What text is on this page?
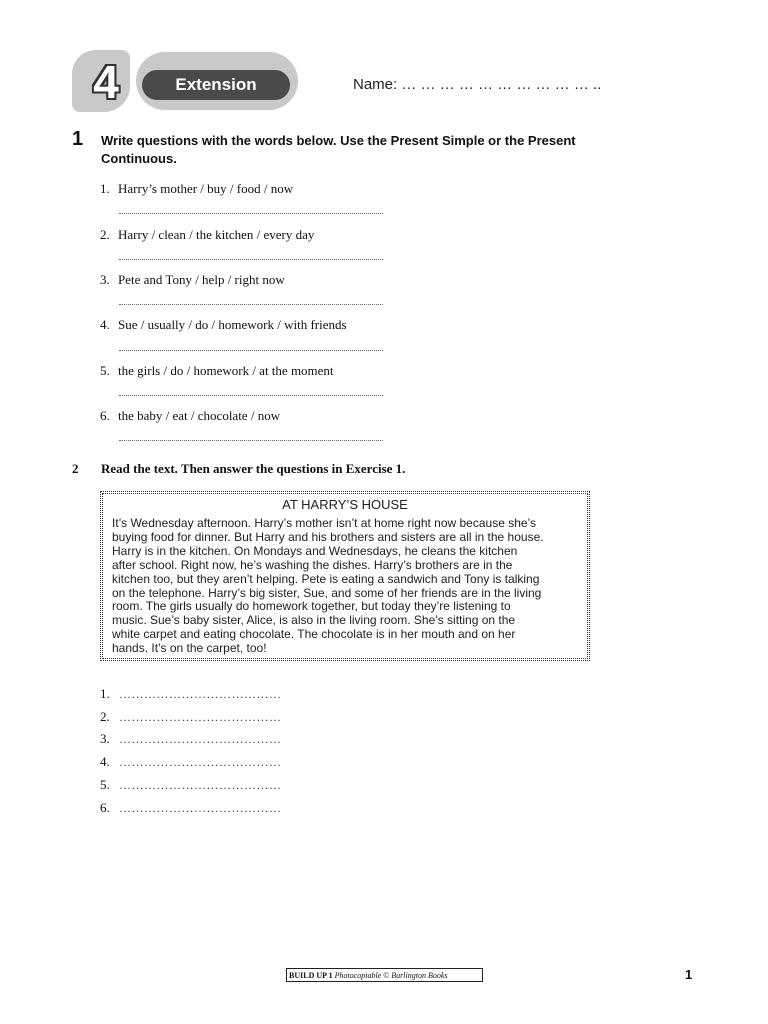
4	Extension	Name: … … … … … … … … … … ..
1 Write questions with the words below. Use the Present Simple or the Present Continuous.
1. Harry’s mother / buy / food / now
2. Harry / clean / the kitchen / every day
3. Pete and Tony / help / right now
4. Sue / usually / do / homework / with friends
5. the girls / do / homework / at the moment
6. the baby / eat / chocolate / now
2 Read the text. Then answer the questions in Exercise 1.
AT HARRY’S HOUSE

It’s Wednesday afternoon. Harry’s mother isn’t at home right now because she’s

buying food for dinner. But Harry and his brothers and sisters are all in the house.

Harry is in the kitchen. On Mondays and Wednesdays, he cleans the kitchen

after school. Right now, he’s washing the dishes. Harry’s brothers are in the

kitchen too, but they aren’t helping. Pete is eating a sandwich and Tony is talking

on the telephone. Harry’s big sister, Sue, and some of her friends are in the living

room. The girls usually do homework together, but today they’re listening to

music. Sue’s baby sister, Alice, is also in the living room. She’s sitting on the

white carpet and eating chocolate. The chocolate is in her mouth and on her

hands. It’s on the carpet, too!

1. …………………………………
2. …………………………………
3. …………………………………
4. …………………………………
5. …………………………………
6. …………………………………
BUILD UP 1 Photocopiable © Burlington Books	1
